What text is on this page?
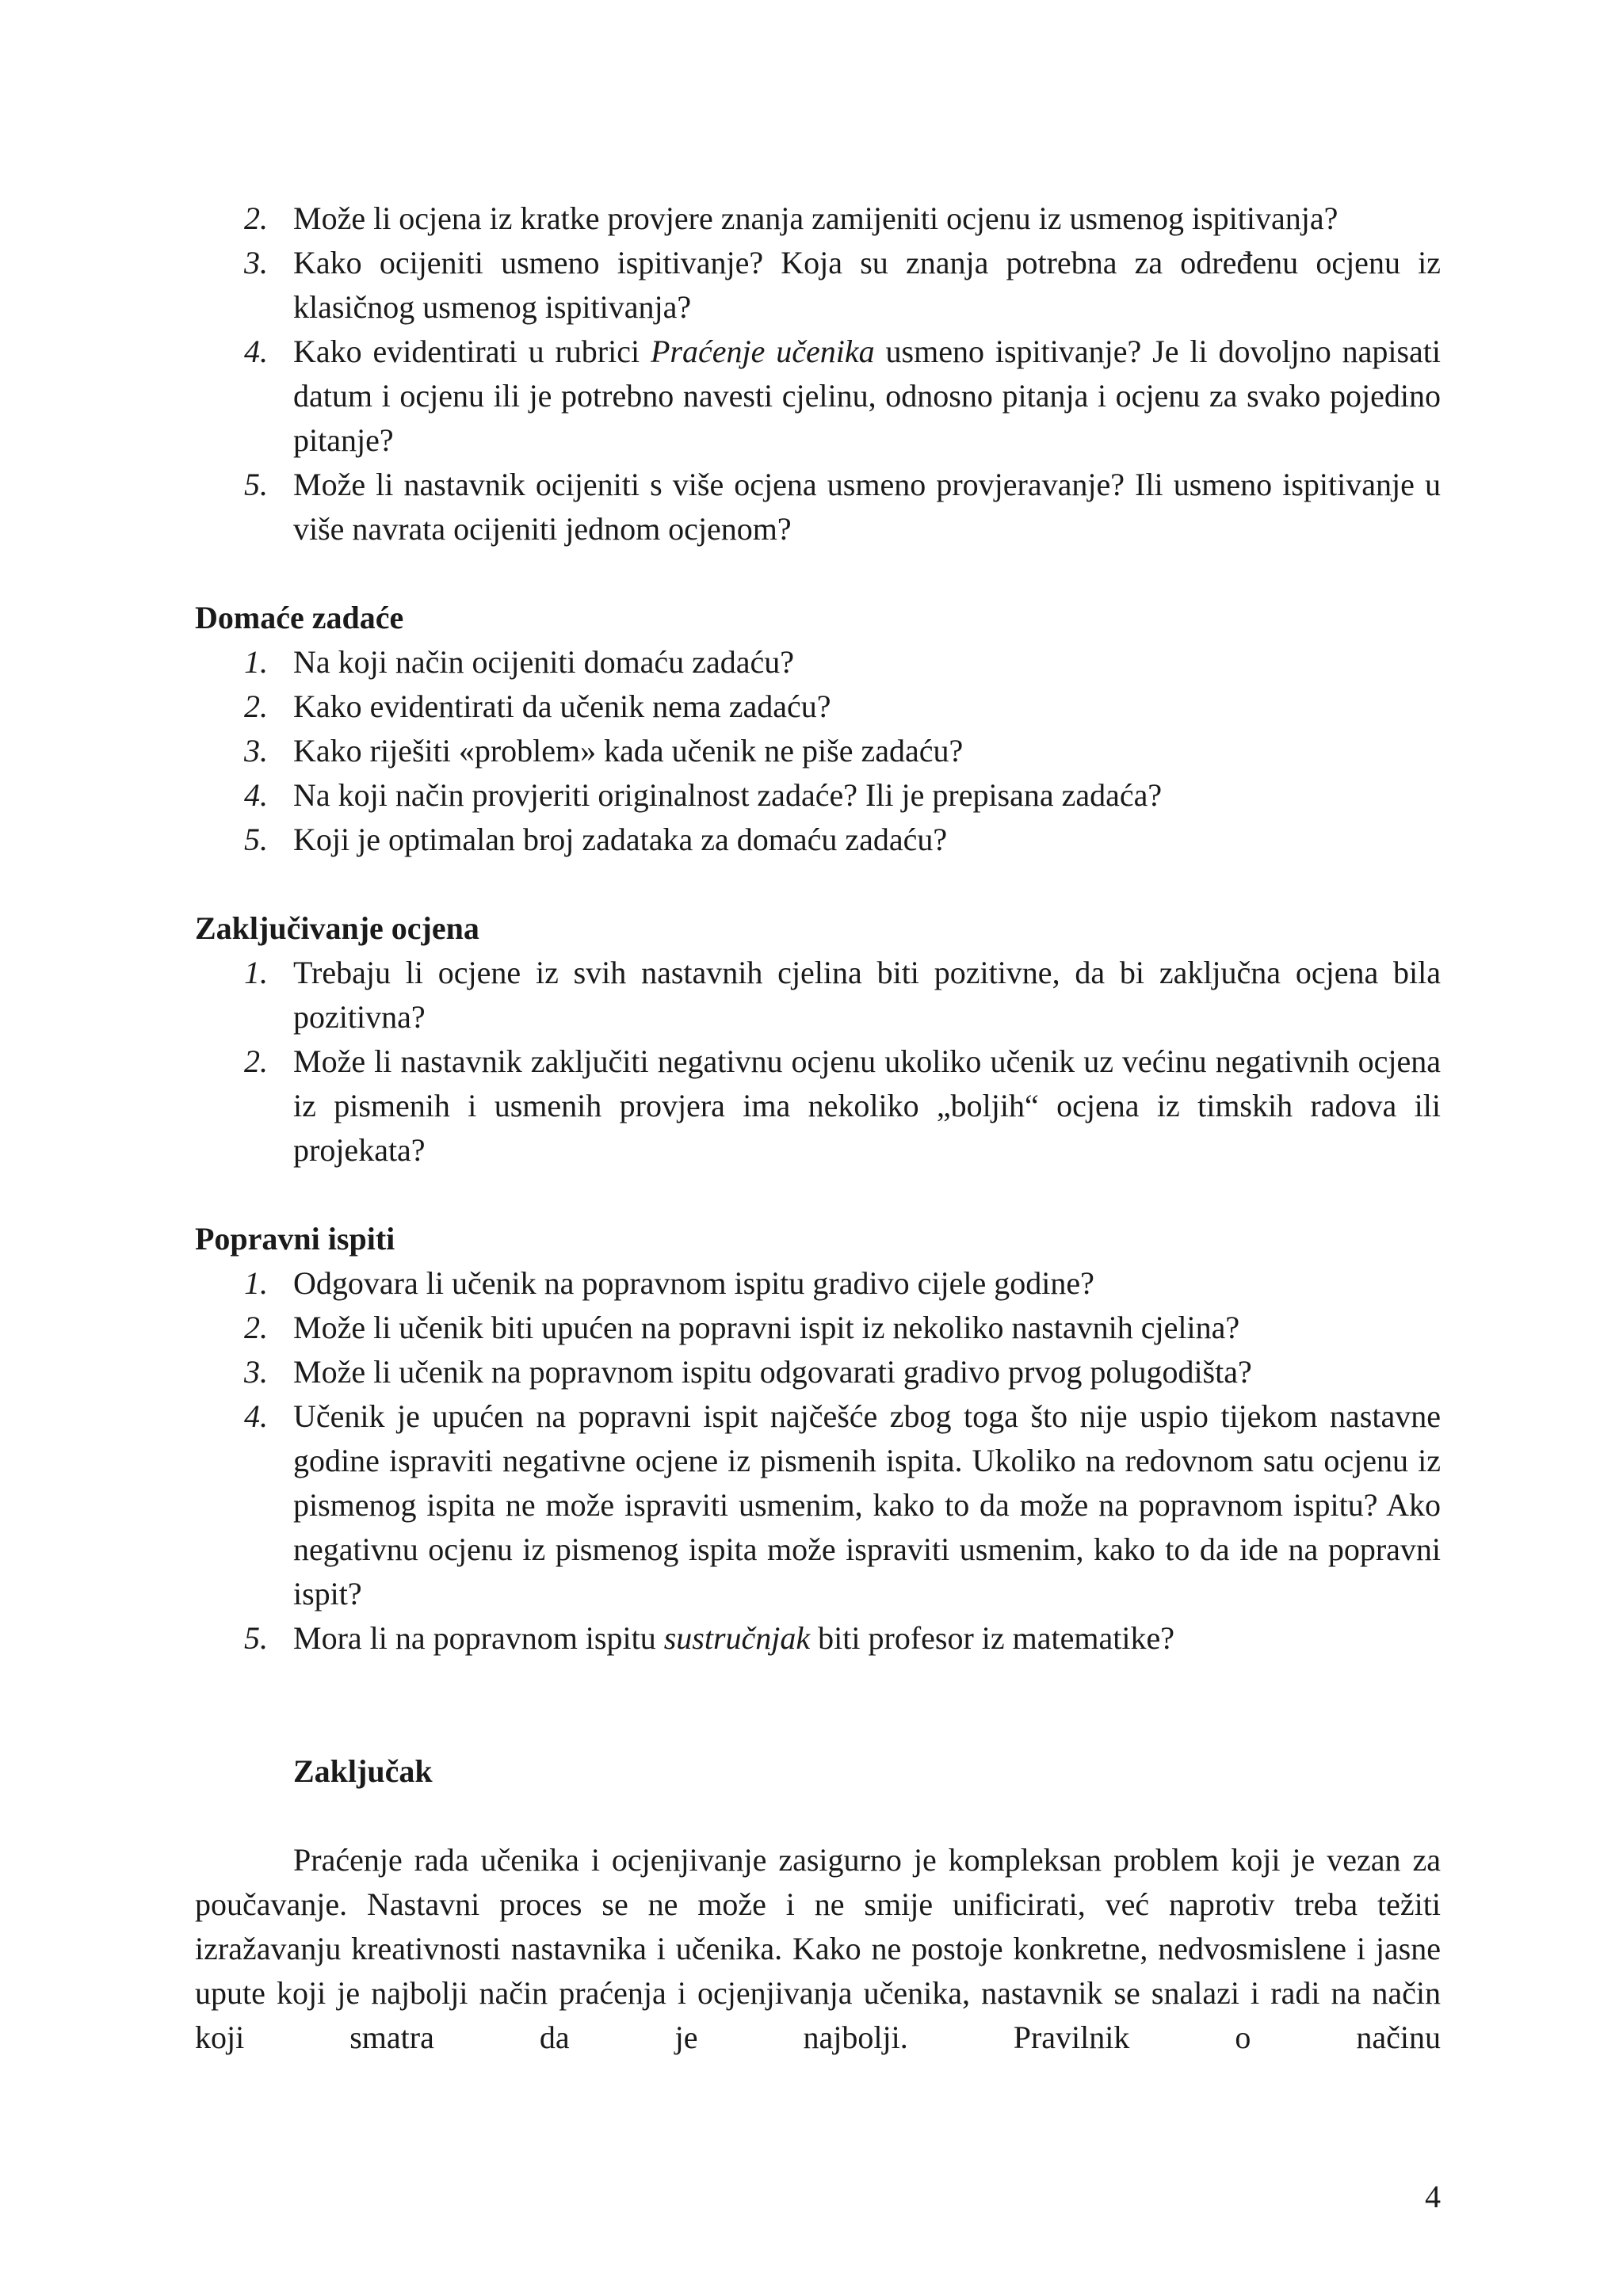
2. Može li ocjena iz kratke provjere znanja zamijeniti ocjenu iz usmenog ispitivanja?
3. Kako ocijeniti usmeno ispitivanje? Koja su znanja potrebna za određenu ocjenu iz klasičnog usmenog ispitivanja?
4. Kako evidentirati u rubrici Praćenje učenika usmeno ispitivanje? Je li dovoljno napisati datum i ocjenu ili je potrebno navesti cjelinu, odnosno pitanja i ocjenu za svako pojedino pitanje?
5. Može li nastavnik ocijeniti s više ocjena usmeno provjeravanje? Ili usmeno ispitivanje u više navrata ocijeniti jednom ocjenom?
Domaće zadaće
1. Na koji način ocijeniti domaću zadaću?
2. Kako evidentirati da učenik nema zadaću?
3. Kako riješiti «problem» kada učenik ne piše zadaću?
4. Na koji način provjeriti originalnost zadaće? Ili je prepisana zadaća?
5. Koji je optimalan broj zadataka za domaću zadaću?
Zaključivanje ocjena
1. Trebaju li ocjene iz svih nastavnih cjelina biti pozitivne, da bi zaključna ocjena bila pozitivna?
2. Može li nastavnik zaključiti negativnu ocjenu ukoliko učenik uz većinu negativnih ocjena iz pismenih i usmenih provjera ima nekoliko „boljih“ ocjena iz timskih radova ili projekata?
Popravni ispiti
1. Odgovara li učenik na popravnom ispitu gradivo cijele godine?
2. Može li učenik biti upućen na popravni ispit iz nekoliko nastavnih cjelina?
3. Može li učenik na popravnom ispitu odgovarati gradivo prvog polugodišta?
4. Učenik je upućen na popravni ispit najčešće zbog toga što nije uspio tijekom nastavne godine ispraviti negativne ocjene iz pismenih ispita. Ukoliko na redovnom satu ocjenu iz pismenog ispita ne može ispraviti usmenim, kako to da može na popravnom ispitu? Ako negativnu ocjenu iz pismenog ispita može ispraviti usmenim, kako to da ide na popravni ispit?
5. Mora li na popravnom ispitu sustručnjak biti profesor iz matematike?
Zaključak

Praćenje rada učenika i ocjenjivanje zasigurno je kompleksan problem koji je vezan za poučavanje. Nastavni proces se ne može i ne smije unificirati, već naprotiv treba težiti izražavanju kreativnosti nastavnika i učenika. Kako ne postoje konkretne, nedvosmislene i jasne upute koji je najbolji način praćenja i ocjenjivanja učenika, nastavnik se snalazi i radi na način koji smatra da je najbolji. Pravilnik o načinu

4
